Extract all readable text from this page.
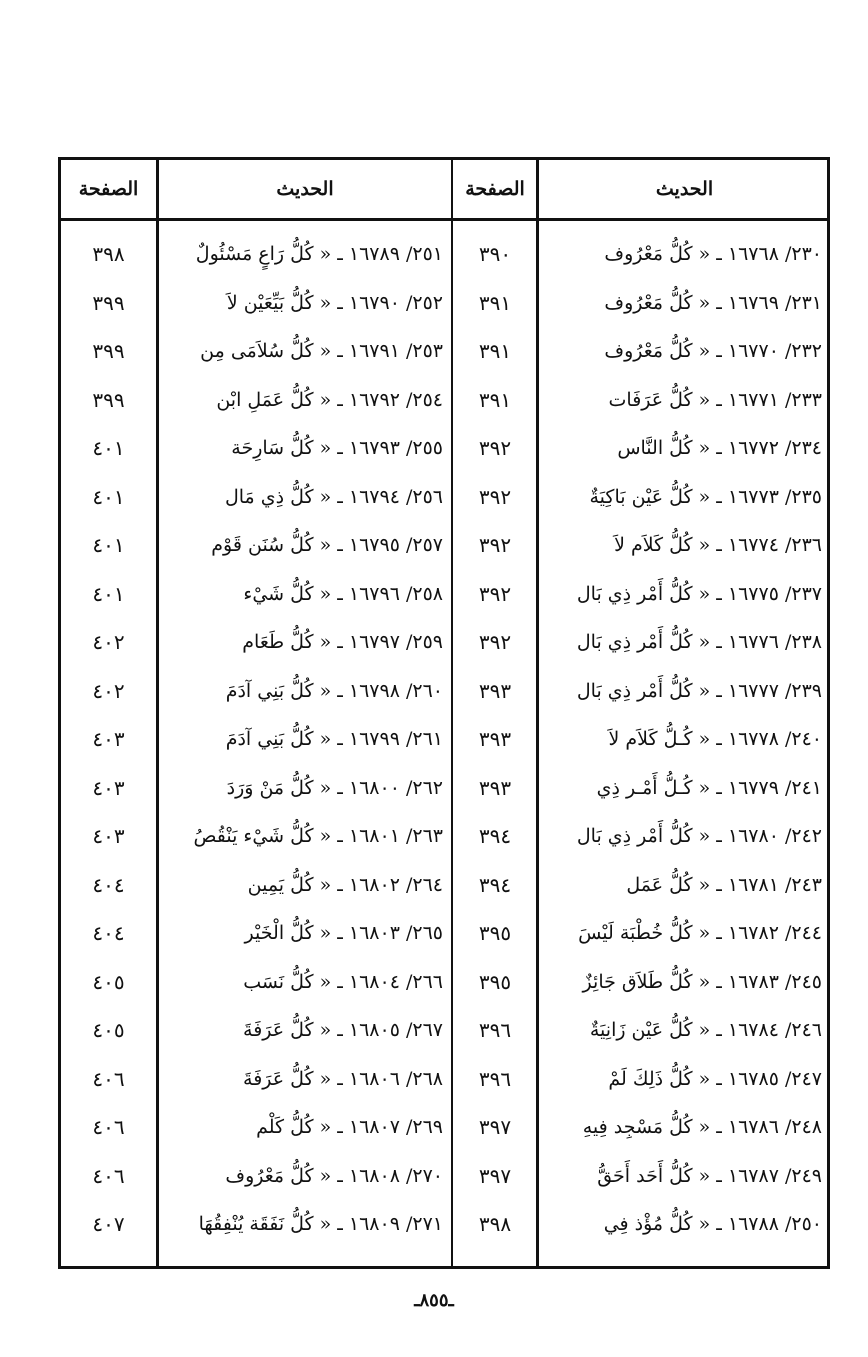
الحديث
الصفحة
الحديث
الصفحة
٢٣٠/ ١٦٧٦٨ ـ « كُلُّ مَعْرُوف
٢٣١/ ١٦٧٦٩ ـ « كُلُّ مَعْرُوف
٢٣٢/ ١٦٧٧٠ ـ « كُلُّ مَعْرُوف
٢٣٣/ ١٦٧٧١ ـ « كُلُّ عَرَفَات
٢٣٤/ ١٦٧٧٢ ـ « كُلُّ النَّاس
٢٣٥/ ١٦٧٧٣ ـ « كُلُّ عَيْن بَاكِيَةٌ
٢٣٦/ ١٦٧٧٤ ـ « كُلُّ كَلاَم لاَ
٢٣٧/ ١٦٧٧٥ ـ « كُلُّ أَمْر ذِي بَال
٢٣٨/ ١٦٧٧٦ ـ « كُلُّ أَمْر ذِي بَال
٢٣٩/ ١٦٧٧٧ ـ « كُلُّ أَمْر ذِي بَال
٢٤٠/ ١٦٧٧٨ ـ « كُـلُّ كَلاَم لاَ
٢٤١/ ١٦٧٧٩ ـ « كُـلُّ أَمْـر ذِي
٢٤٢/ ١٦٧٨٠ ـ « كُلُّ أَمْر ذِي بَال
٢٤٣/ ١٦٧٨١ ـ « كُلُّ عَمَل
٢٤٤/ ١٦٧٨٢ ـ « كُلُّ خُطْبَة لَيْسَ
٢٤٥/ ١٦٧٨٣ ـ « كُلُّ طَلاَق جَائِزٌ
٢٤٦/ ١٦٧٨٤ ـ « كُلُّ عَيْن زَانِيَةٌ
٢٤٧/ ١٦٧٨٥ ـ « كُلُّ ذَلِكَ لَمْ
٢٤٨/ ١٦٧٨٦ ـ « كُلُّ مَسْجِد فِيهِ
٢٤٩/ ١٦٧٨٧ ـ « كُلُّ أَحَد أَحَقُّ
٢٥٠/ ١٦٧٨٨ ـ « كُلُّ مُؤْذ فِي
٣٩٠
٣٩١
٣٩١
٣٩١
٣٩٢
٣٩٢
٣٩٢
٣٩٢
٣٩٢
٣٩٣
٣٩٣
٣٩٣
٣٩٤
٣٩٤
٣٩٥
٣٩٥
٣٩٦
٣٩٦
٣٩٧
٣٩٧
٣٩٨
٢٥١/ ١٦٧٨٩ ـ « كُلُّ رَاعٍ مَسْئُولٌ
٢٥٢/ ١٦٧٩٠ ـ « كُلُّ بَيِّعَيْن لاَ
٢٥٣/ ١٦٧٩١ ـ « كُلُّ سُلاَمَى مِن
٢٥٤/ ١٦٧٩٢ ـ « كُلُّ عَمَلِ ابْن
٢٥٥/ ١٦٧٩٣ ـ « كُلُّ سَارِحَة
٢٥٦/ ١٦٧٩٤ ـ « كُلُّ ذِي مَال
٢٥٧/ ١٦٧٩٥ ـ « كُلُّ سُنَن قَوْم
٢٥٨/ ١٦٧٩٦ ـ « كُلُّ شَيْء
٢٥٩/ ١٦٧٩٧ ـ « كُلُّ طَعَام
٢٦٠/ ١٦٧٩٨ ـ « كُلُّ بَنِي آدَمَ
٢٦١/ ١٦٧٩٩ ـ « كُلُّ بَنِي آدَمَ
٢٦٢/ ١٦٨٠٠ ـ « كُلُّ مَنْ وَرَدَ
٢٦٣/ ١٦٨٠١ ـ « كُلُّ شَيْء يَنْقُصُ
٢٦٤/ ١٦٨٠٢ ـ « كُلُّ يَمِين
٢٦٥/ ١٦٨٠٣ ـ « كُلُّ الْخَيْر
٢٦٦/ ١٦٨٠٤ ـ « كُلُّ نَسَب
٢٦٧/ ١٦٨٠٥ ـ « كُلُّ عَرَفَةَ
٢٦٨/ ١٦٨٠٦ ـ « كُلُّ عَرَفَةَ
٢٦٩/ ١٦٨٠٧ ـ « كُلُّ كَلْم
٢٧٠/ ١٦٨٠٨ ـ « كُلُّ مَعْرُوف
٢٧١/ ١٦٨٠٩ ـ « كُلُّ نَفَقَة يُنْفِقُهَا
٣٩٨
٣٩٩
٣٩٩
٣٩٩
٤٠١
٤٠١
٤٠١
٤٠١
٤٠٢
٤٠٢
٤٠٣
٤٠٣
٤٠٣
٤٠٤
٤٠٤
٤٠٥
٤٠٥
٤٠٦
٤٠٦
٤٠٦
٤٠٧
ـ٨٥٥ـ
